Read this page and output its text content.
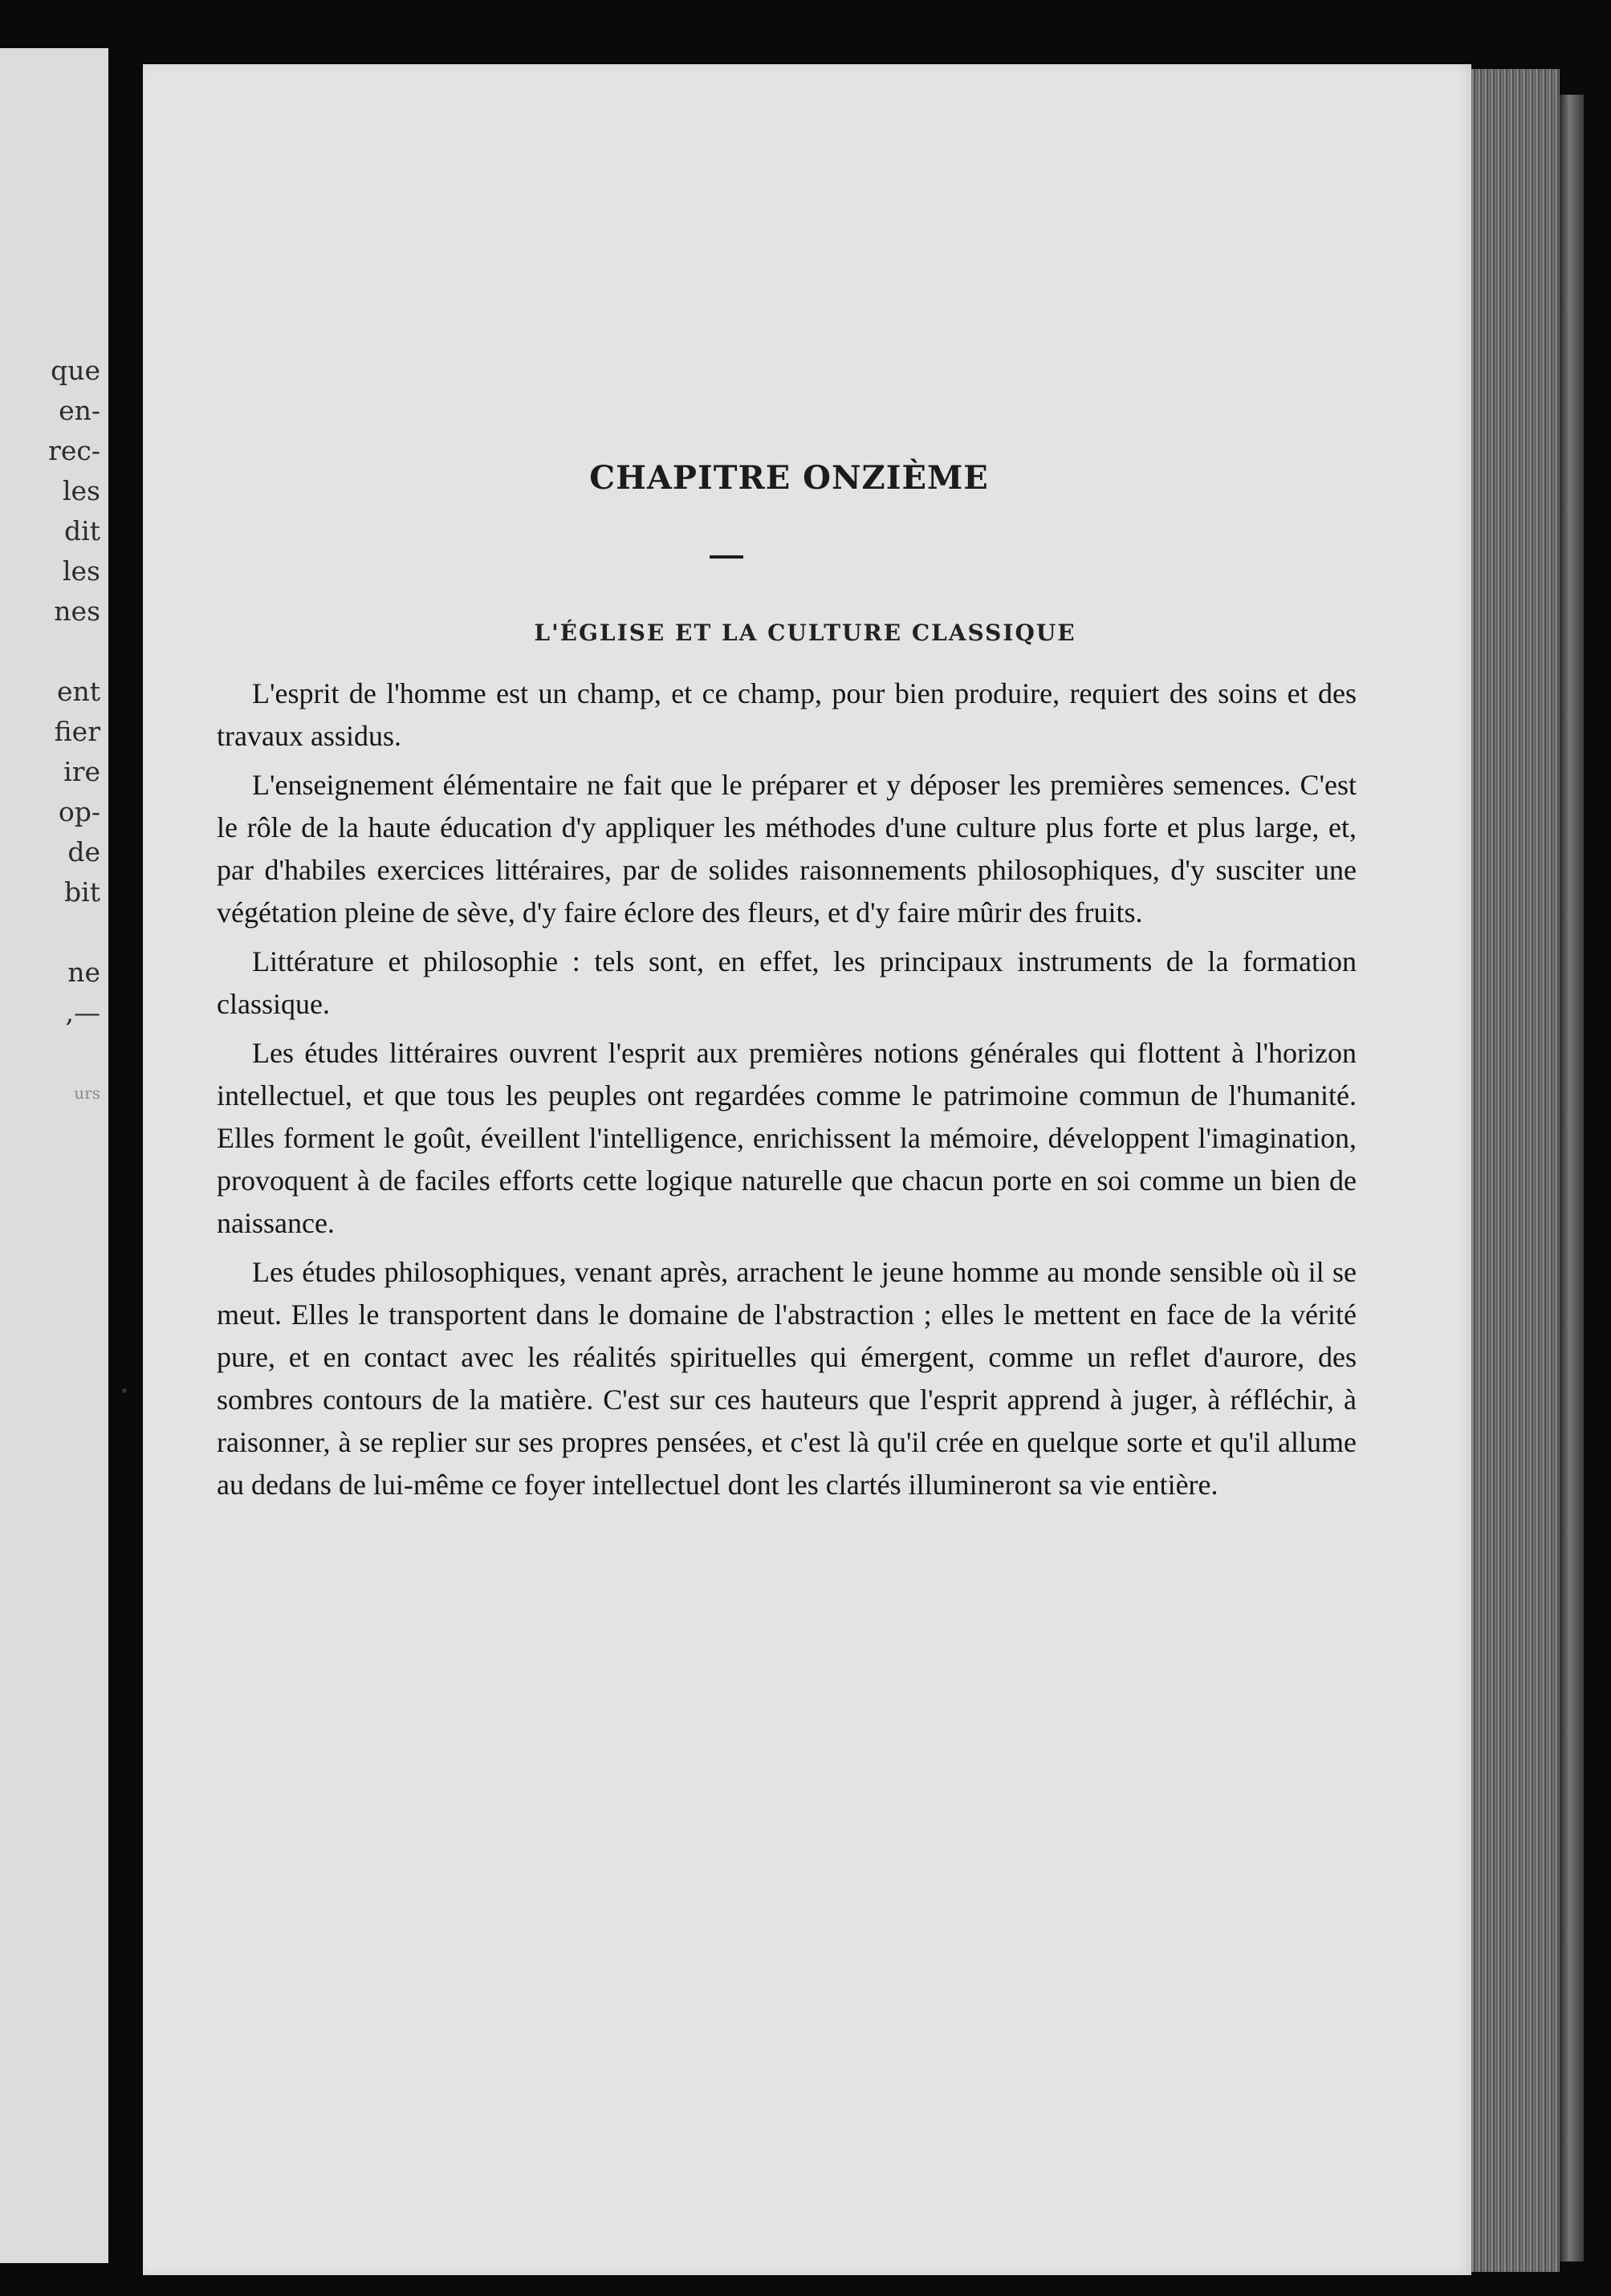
que
en-
rec-
les
dit
les
nes
ent
fier
ire
op-
de
bit
ne
,—
urs
CHAPITRE ONZIÈME
L'ÉGLISE ET LA CULTURE CLASSIQUE

L'esprit de l'homme est un champ, et ce champ, pour bien produire, requiert des soins et des travaux assidus.

L'enseignement élémentaire ne fait que le préparer et y déposer les premières semences. C'est le rôle de la haute éducation d'y appliquer les méthodes d'une culture plus forte et plus large, et, par d'habiles exercices littéraires, par de solides raisonnements philosophiques, d'y susciter une végétation pleine de sève, d'y faire éclore des fleurs, et d'y faire mûrir des fruits.

Littérature et philosophie : tels sont, en effet, les principaux instruments de la formation classique.

Les études littéraires ouvrent l'esprit aux premières notions générales qui flottent à l'horizon intellectuel, et que tous les peuples ont regardées comme le patrimoine commun de l'humanité. Elles forment le goût, éveillent l'intelligence, enrichissent la mémoire, développent l'imagination, provoquent à de faciles efforts cette logique naturelle que chacun porte en soi comme un bien de naissance.

Les études philosophiques, venant après, arrachent le jeune homme au monde sensible où il se meut. Elles le transportent dans le domaine de l'abstraction ; elles le mettent en face de la vérité pure, et en contact avec les réalités spirituelles qui émergent, comme un reflet d'aurore, des sombres contours de la matière. C'est sur ces hauteurs que l'esprit apprend à juger, à réfléchir, à raisonner, à se replier sur ses propres pensées, et c'est là qu'il crée en quelque sorte et qu'il allume au dedans de lui-même ce foyer intellectuel dont les clartés illumineront sa vie entière.
